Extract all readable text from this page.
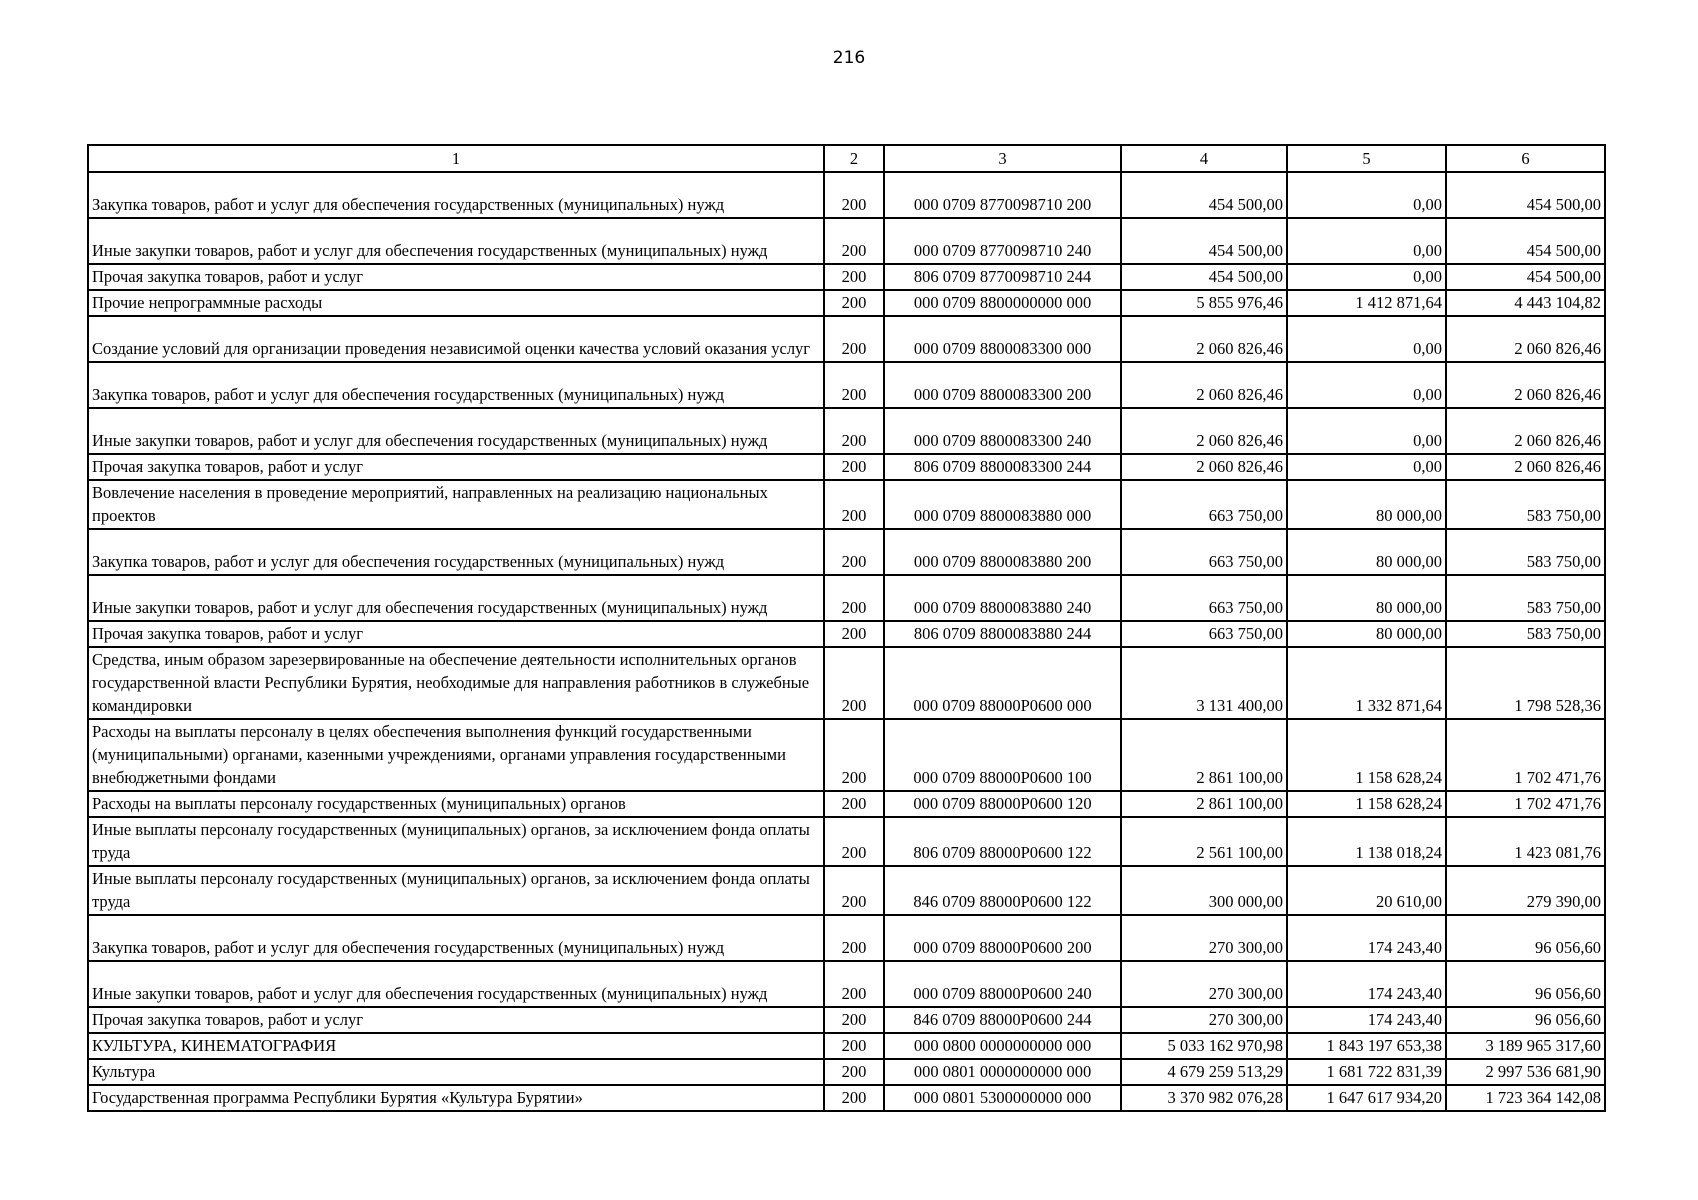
216
1	2	3	4	5	6
Закупка товаров, работ и услуг для обеспечения государственных (муниципальных) нужд	200	000 0709 8770098710 200	454 500,00	0,00	454 500,00
Иные закупки товаров, работ и услуг для обеспечения государственных (муниципальных) нужд	200	000 0709 8770098710 240	454 500,00	0,00	454 500,00
Прочая закупка товаров, работ и услуг	200	806 0709 8770098710 244	454 500,00	0,00	454 500,00
Прочие непрограммные расходы	200	000 0709 8800000000 000	5 855 976,46	1 412 871,64	4 443 104,82
Создание условий для организации проведения независимой оценки качества условий оказания услуг	200	000 0709 8800083300 000	2 060 826,46	0,00	2 060 826,46
Закупка товаров, работ и услуг для обеспечения государственных (муниципальных) нужд	200	000 0709 8800083300 200	2 060 826,46	0,00	2 060 826,46
Иные закупки товаров, работ и услуг для обеспечения государственных (муниципальных) нужд	200	000 0709 8800083300 240	2 060 826,46	0,00	2 060 826,46
Прочая закупка товаров, работ и услуг	200	806 0709 8800083300 244	2 060 826,46	0,00	2 060 826,46
Вовлечение населения в проведение мероприятий, направленных на реализацию национальных проектов	200	000 0709 8800083880 000	663 750,00	80 000,00	583 750,00
Закупка товаров, работ и услуг для обеспечения государственных (муниципальных) нужд	200	000 0709 8800083880 200	663 750,00	80 000,00	583 750,00
Иные закупки товаров, работ и услуг для обеспечения государственных (муниципальных) нужд	200	000 0709 8800083880 240	663 750,00	80 000,00	583 750,00
Прочая закупка товаров, работ и услуг	200	806 0709 8800083880 244	663 750,00	80 000,00	583 750,00
Средства, иным образом зарезервированные на обеспечение деятельности исполнительных органов государственной власти Республики Бурятия, необходимые для направления работников в служебные командировки	200	000 0709 88000P0600 000	3 131 400,00	1 332 871,64	1 798 528,36
Расходы на выплаты персоналу в целях обеспечения выполнения функций государственными (муниципальными) органами, казенными учреждениями, органами управления государственными внебюджетными фондами	200	000 0709 88000P0600 100	2 861 100,00	1 158 628,24	1 702 471,76
Расходы на выплаты персоналу государственных (муниципальных) органов	200	000 0709 88000P0600 120	2 861 100,00	1 158 628,24	1 702 471,76
Иные выплаты персоналу государственных (муниципальных) органов, за исключением фонда оплаты труда	200	806 0709 88000P0600 122	2 561 100,00	1 138 018,24	1 423 081,76
Иные выплаты персоналу государственных (муниципальных) органов, за исключением фонда оплаты труда	200	846 0709 88000P0600 122	300 000,00	20 610,00	279 390,00
Закупка товаров, работ и услуг для обеспечения государственных (муниципальных) нужд	200	000 0709 88000P0600 200	270 300,00	174 243,40	96 056,60
Иные закупки товаров, работ и услуг для обеспечения государственных (муниципальных) нужд	200	000 0709 88000P0600 240	270 300,00	174 243,40	96 056,60
Прочая закупка товаров, работ и услуг	200	846 0709 88000P0600 244	270 300,00	174 243,40	96 056,60
КУЛЬТУРА, КИНЕМАТОГРАФИЯ	200	000 0800 0000000000 000	5 033 162 970,98	1 843 197 653,38	3 189 965 317,60
Культура	200	000 0801 0000000000 000	4 679 259 513,29	1 681 722 831,39	2 997 536 681,90
Государственная программа Республики Бурятия «Культура Бурятии»	200	000 0801 5300000000 000	3 370 982 076,28	1 647 617 934,20	1 723 364 142,08
